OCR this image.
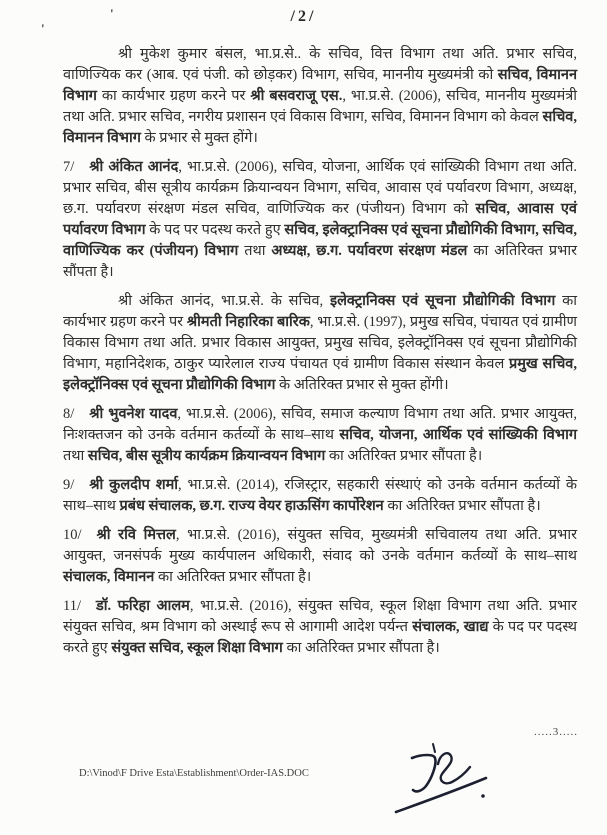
/2/
'
'

श्री मुकेश कुमार बंसल, भा.प्र.से.. के सचिव, वित्त विभाग तथा अति. प्रभार सचिव, वाणिज्यिक कर (आब. एवं पंजी. को छोड़कर) विभाग, सचिव, माननीय मुख्यमंत्री को सचिव, विमानन विभाग का कार्यभार ग्रहण करने पर श्री बसवराजू एस., भा.प्र.से. (2006), सचिव, माननीय मुख्यमंत्री तथा अति. प्रभार सचिव, नगरीय प्रशासन एवं विकास विभाग, सचिव, विमानन विभाग को केवल सचिव, विमानन विभाग के प्रभार से मुक्त होंगे।

7/ श्री अंकित आनंद, भा.प्र.से. (2006), सचिव, योजना, आर्थिक एवं सांख्यिकी विभाग तथा अति. प्रभार सचिव, बीस सूत्रीय कार्यक्रम क्रियान्वयन विभाग, सचिव, आवास एवं पर्यावरण विभाग, अध्यक्ष, छ.ग. पर्यावरण संरक्षण मंडल सचिव, वाणिज्यिक कर (पंजीयन) विभाग को सचिव, आवास एवं पर्यावरण विभाग के पद पर पदस्थ करते हुए सचिव, इलेक्ट्रानिक्स एवं सूचना प्रौद्योगिकी विभाग, सचिव, वाणिज्यिक कर (पंजीयन) विभाग तथा अध्यक्ष, छ.ग. पर्यावरण संरक्षण मंडल का अतिरिक्त प्रभार सौंपता है।

श्री अंकित आनंद, भा.प्र.से. के सचिव, इलेक्ट्रानिक्स एवं सूचना प्रौद्योगिकी विभाग का कार्यभार ग्रहण करने पर श्रीमती निहारिका बारिक, भा.प्र.से. (1997), प्रमुख सचिव, पंचायत एवं ग्रामीण विकास विभाग तथा अति. प्रभार विकास आयुक्त, प्रमुख सचिव, इलेक्ट्रॉनिक्स एवं सूचना प्रौद्योगिकी विभाग, महानिदेशक, ठाकुर प्यारेलाल राज्य पंचायत एवं ग्रामीण विकास संस्थान केवल प्रमुख सचिव, इलेक्ट्रॉनिक्स एवं सूचना प्रौद्योगिकी विभाग के अतिरिक्त प्रभार से मुक्त होंगी।

8/ श्री भुवनेश यादव, भा.प्र.से. (2006), सचिव, समाज कल्याण विभाग तथा अति. प्रभार आयुक्त, निःशक्तजन को उनके वर्तमान कर्तव्यों के साथ–साथ सचिव, योजना, आर्थिक एवं सांख्यिकी विभाग तथा सचिव, बीस सूत्रीय कार्यक्रम क्रियान्वयन विभाग का अतिरिक्त प्रभार सौंपता है।

9/ श्री कुलदीप शर्मा, भा.प्र.से. (2014), रजिस्ट्रार, सहकारी संस्थाएं को उनके वर्तमान कर्तव्यों के साथ–साथ प्रबंध संचालक, छ.ग. राज्य वेयर हाऊसिंग कार्पोरेशन का अतिरिक्त प्रभार सौंपता है।

10/ श्री रवि मित्तल, भा.प्र.से. (2016), संयुक्त सचिव, मुख्यमंत्री सचिवालय तथा अति. प्रभार आयुक्त, जनसंपर्क मुख्य कार्यपालन अधिकारी, संवाद को उनके वर्तमान कर्तव्यों के साथ–साथ संचालक, विमानन का अतिरिक्त प्रभार सौंपता है।

11/ डॉ. फरिहा आलम, भा.प्र.से. (2016), संयुक्त सचिव, स्कूल शिक्षा विभाग तथा अति. प्रभार संयुक्त सचिव, श्रम विभाग को अस्थाई रूप से आगामी आदेश पर्यन्त संचालक, खाद्य के पद पर पदस्थ करते हुए संयुक्त सचिव, स्कूल शिक्षा विभाग का अतिरिक्त प्रभार सौंपता है।

.....3.....
D:\Vinod\F Drive Esta\Establishment\Order-IAS.DOC
